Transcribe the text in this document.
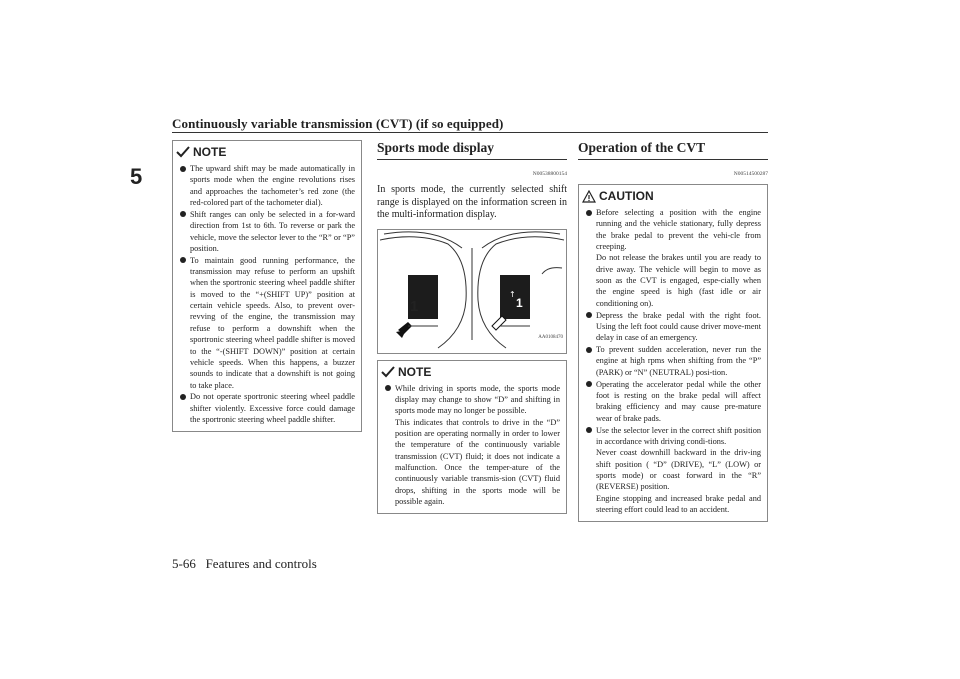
Continuously variable transmission (CVT) (if so equipped)
5
NOTE
The upward shift may be made automatically in sports mode when the engine revolutions rises and approaches the tachometer’s red zone (the red-colored part of the tachometer dial).
Shift ranges can only be selected in a for-ward direction from 1st to 6th. To reverse or park the vehicle, move the selector lever to the “R” or “P” position.
To maintain good running performance, the transmission may refuse to perform an upshift when the sportronic steering wheel paddle shifter is moved to the “+(SHIFT UP)” position at certain vehicle speeds. Also, to prevent over-revving of the engine, the transmission may refuse to perform a downshift when the sportronic steering wheel paddle shifter is moved to the “-(SHIFT DOWN)” position at certain vehicle speeds. When this happens, a buzzer sounds to indicate that a downshift is not going to take place.
Do not operate sportronic steering wheel paddle shifter violently. Excessive force could damage the sportronic steering wheel paddle shifter.
Sports mode display
N00538800154
In sports mode, the currently selected shift range is displayed on the information screen in the multi-information display.
1	1
↑
AA0108470
NOTE
While driving in sports mode, the sports mode display may change to show “D” and shifting in sports mode may no longer be possible.
This indicates that controls to drive in the “D” position are operating normally in order to lower the temperature of the continuously variable transmission (CVT) fluid; it does not indicate a malfunction. Once the temper-ature of the continuously variable transmis-sion (CVT) fluid drops, shifting in the sports mode will be possible again.
Operation of the CVT
N00514500287
CAUTION
Before selecting a position with the engine running and the vehicle stationary, fully depress the brake pedal to prevent the vehi-cle from creeping.
Do not release the brakes until you are ready to drive away. The vehicle will begin to move as soon as the CVT is engaged, espe-cially when the engine speed is high (fast idle or air conditioning on).
Depress the brake pedal with the right foot. Using the left foot could cause driver move-ment delay in case of an emergency.
To prevent sudden acceleration, never run the engine at high rpms when shifting from the “P” (PARK) or “N” (NEUTRAL) posi-tion.
Operating the accelerator pedal while the other foot is resting on the brake pedal will affect braking efficiency and may cause pre-mature wear of brake pads.
Use the selector lever in the correct shift position in accordance with driving condi-tions.
Never coast downhill backward in the driv-ing shift position ( “D” (DRIVE), “L” (LOW) or sports mode) or coast forward in the “R” (REVERSE) position.
Engine stopping and increased brake pedal and steering effort could lead to an accident.
5-66   Features and controls
